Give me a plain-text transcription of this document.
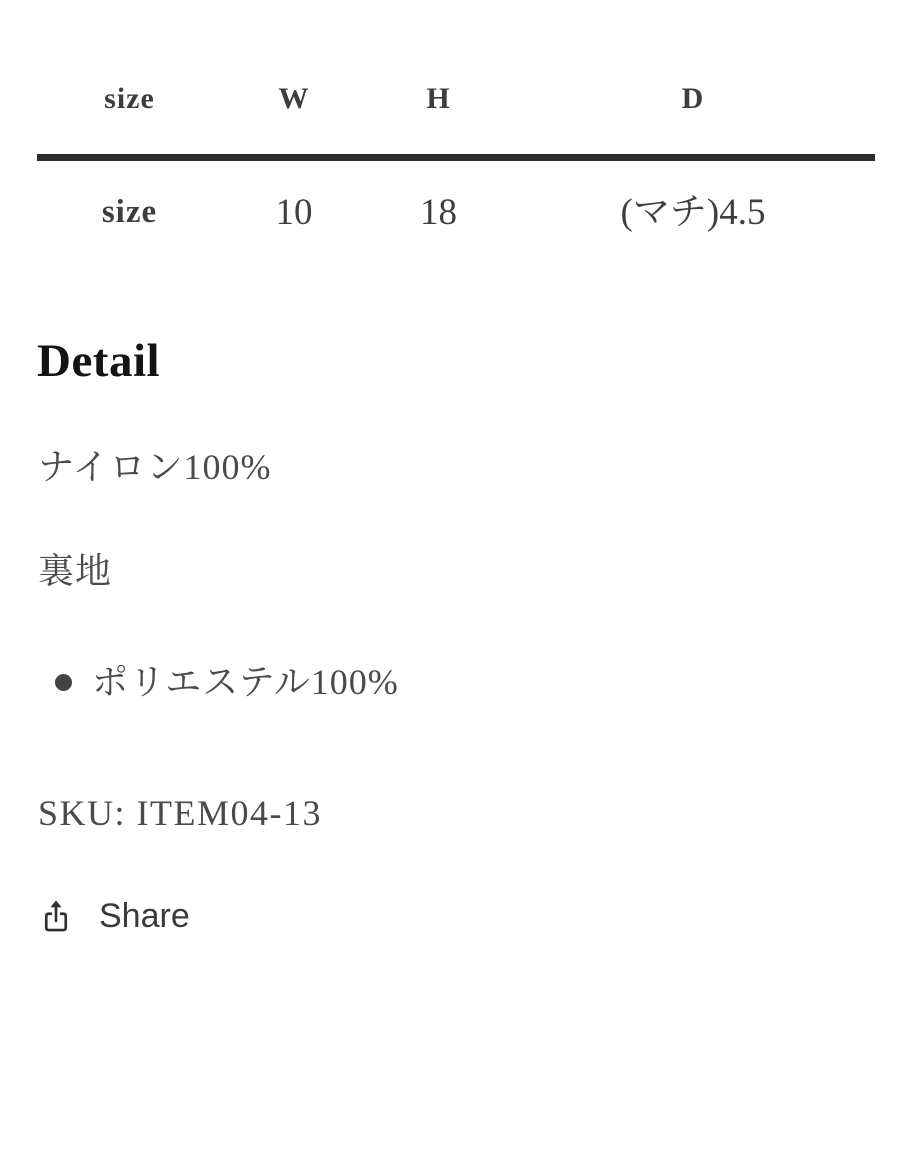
size	W	H	D
size	10	18	(マチ)4.5
Detail

ナイロン100%

裏地

ポリエステル100%

SKU: ITEM04-13

Share
